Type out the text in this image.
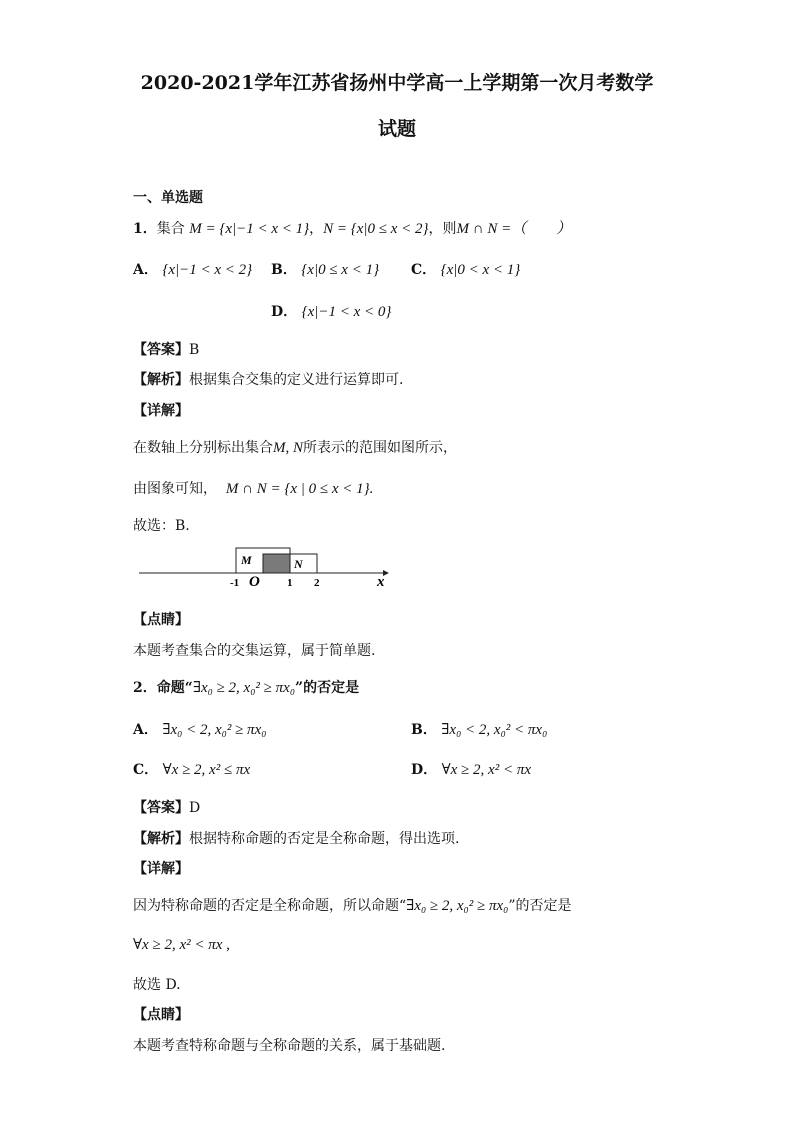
2020-2021学年江苏省扬州中学高一上学期第一次月考数学
试题
一、单选题
1．集合 M = {x|−1 < x < 1}，N = {x|0 ≤ x < 2}，则M ∩ N =（　　）
A． {x|−1 < x < 2} B． {x|0 ≤ x < 1} C． {x|0 < x < 1}
D． {x|−1 < x < 0}
【答案】B
【解析】根据集合交集的定义进行运算即可.
【详解】
在数轴上分别标出集合M, N所表示的范围如图所示，
由图象可知， M ∩ N = {x | 0 ≤ x < 1}.
故选：B.
M	N
-1 O 1 2	x
【点睛】
本题考查集合的交集运算，属于简单题.
2．命题“∃x₀ ≥ 2, x₀² ≥ πx₀”的否定是
A． ∃x₀ < 2, x₀² ≥ πx₀	B． ∃x₀ < 2, x₀² < πx₀
C． ∀x ≥ 2, x² ≤ πx	D． ∀x ≥ 2, x² < πx
【答案】D
【解析】根据特称命题的否定是全称命题，得出选项.
【详解】
因为特称命题的否定是全称命题，所以命题“∃x₀ ≥ 2, x₀² ≥ πx₀”的否定是
∀x ≥ 2, x² < πx ,
故选 D.
【点睛】
本题考查特称命题与全称命题的关系，属于基础题.
